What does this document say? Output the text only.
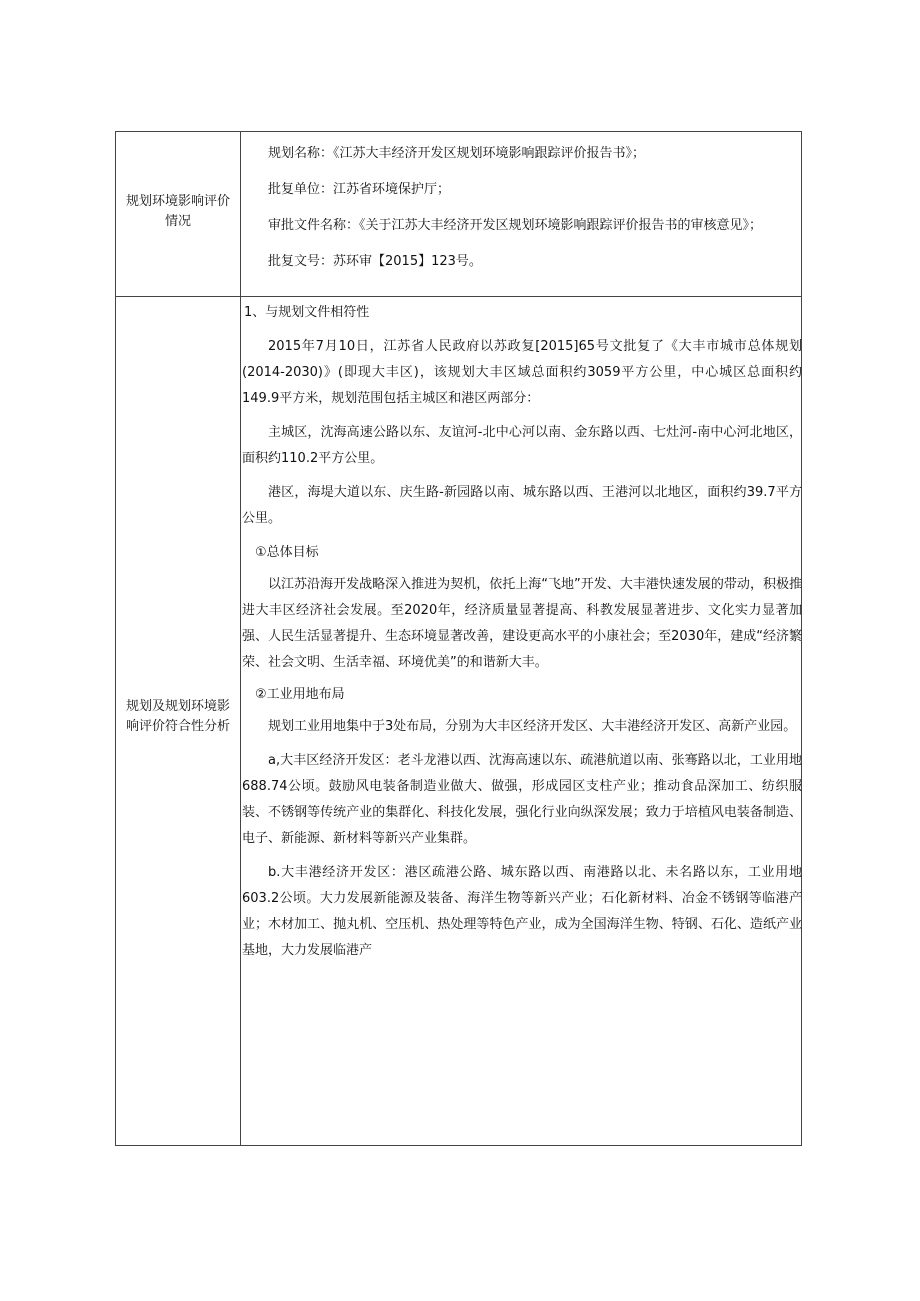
规划环境影响评价
情况

规划名称：《江苏大丰经济开发区规划环境影响跟踪评价报告书》；

批复单位：江苏省环境保护厅；

审批文件名称：《关于江苏大丰经济开发区规划环境影响跟踪评价报告书的审核意见》；

批复文号：苏环审【2015】123号。

规划及规划环境影
响评价符合性分析

1、与规划文件相符性

2015年7月10日，江苏省人民政府以苏政复[2015]65号文批复了《大丰市城市总体规划(2014-2030)》(即现大丰区)，该规划大丰区域总面积约3059平方公里，中心城区总面积约149.9平方米，规划范围包括主城区和港区两部分：

主城区，沈海高速公路以东、友谊河-北中心河以南、金东路以西、七灶河-南中心河北地区，面积约110.2平方公里。

港区，海堤大道以东、庆生路-新园路以南、城东路以西、王港河以北地区，面积约39.7平方公里。

①总体目标

以江苏沿海开发战略深入推进为契机，依托上海“飞地”开发、大丰港快速发展的带动，积极推进大丰区经济社会发展。至2020年，经济质量显著提高、科教发展显著进步、文化实力显著加强、人民生活显著提升、生态环境显著改善，建设更高水平的小康社会；至2030年，建成“经济繁荣、社会文明、生活幸福、环境优美”的和谐新大丰。

②工业用地布局

规划工业用地集中于3处布局，分别为大丰区经济开发区、大丰港经济开发区、高新产业园。

a,大丰区经济开发区：老斗龙港以西、沈海高速以东、疏港航道以南、张骞路以北，工业用地688.74公顷。鼓励风电装备制造业做大、做强，形成园区支柱产业；推动食品深加工、纺织服装、不锈钢等传统产业的集群化、科技化发展，强化行业向纵深发展；致力于培植风电装备制造、电子、新能源、新材料等新兴产业集群。

b.大丰港经济开发区：港区疏港公路、城东路以西、南港路以北、未名路以东，工业用地603.2公顷。大力发展新能源及装备、海洋生物等新兴产业；石化新材料、冶金不锈钢等临港产业；木材加工、抛丸机、空压机、热处理等特色产业，成为全国海洋生物、特钢、石化、造纸产业基地，大力发展临港产
